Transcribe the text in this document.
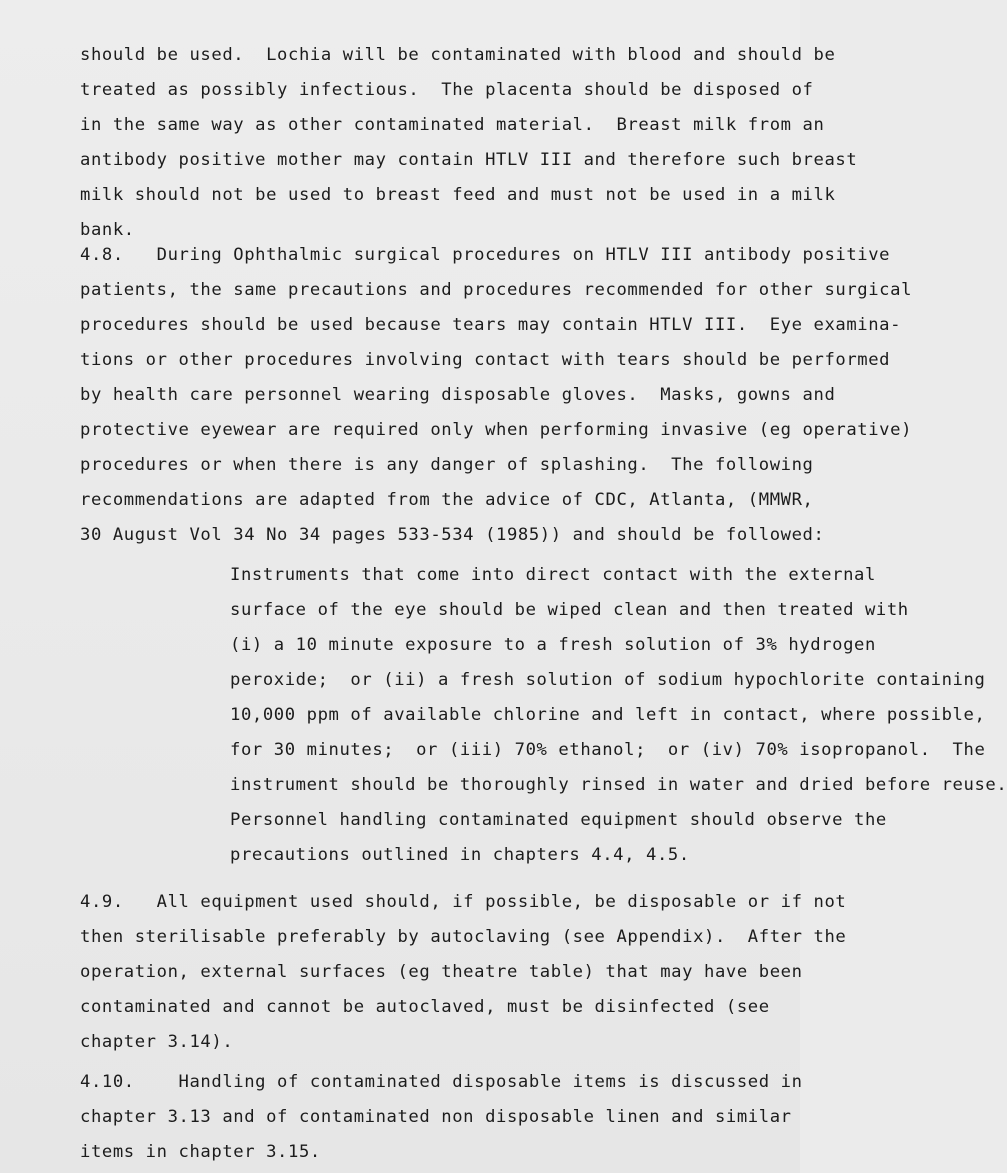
should be used.  Lochia will be contaminated with blood and should be

treated as possibly infectious.  The placenta should be disposed of

in the same way as other contaminated material.  Breast milk from an

antibody positive mother may contain HTLV III and therefore such breast

milk should not be used to breast feed and must not be used in a milk

bank.

4.8.   During Ophthalmic surgical procedures on HTLV III antibody positive

patients, the same precautions and procedures recommended for other surgical

procedures should be used because tears may contain HTLV III.  Eye examina-

tions or other procedures involving contact with tears should be performed

by health care personnel wearing disposable gloves.  Masks, gowns and

protective eyewear are required only when performing invasive (eg operative)

procedures or when there is any danger of splashing.  The following

recommendations are adapted from the advice of CDC, Atlanta, (MMWR,

30 August Vol 34 No 34 pages 533-534 (1985)) and should be followed:

Instruments that come into direct contact with the external

surface of the eye should be wiped clean and then treated with

(i) a 10 minute exposure to a fresh solution of 3% hydrogen

peroxide;  or (ii) a fresh solution of sodium hypochlorite containing

10,000 ppm of available chlorine and left in contact, where possible,

for 30 minutes;  or (iii) 70% ethanol;  or (iv) 70% isopropanol.  The

instrument should be thoroughly rinsed in water and dried before reuse.

Personnel handling contaminated equipment should observe the

precautions outlined in chapters 4.4, 4.5.

4.9.   All equipment used should, if possible, be disposable or if not

then sterilisable preferably by autoclaving (see Appendix).  After the

operation, external surfaces (eg theatre table) that may have been

contaminated and cannot be autoclaved, must be disinfected (see

chapter 3.14).

4.10.    Handling of contaminated disposable items is discussed in

chapter 3.13 and of contaminated non disposable linen and similar

items in chapter 3.15.
